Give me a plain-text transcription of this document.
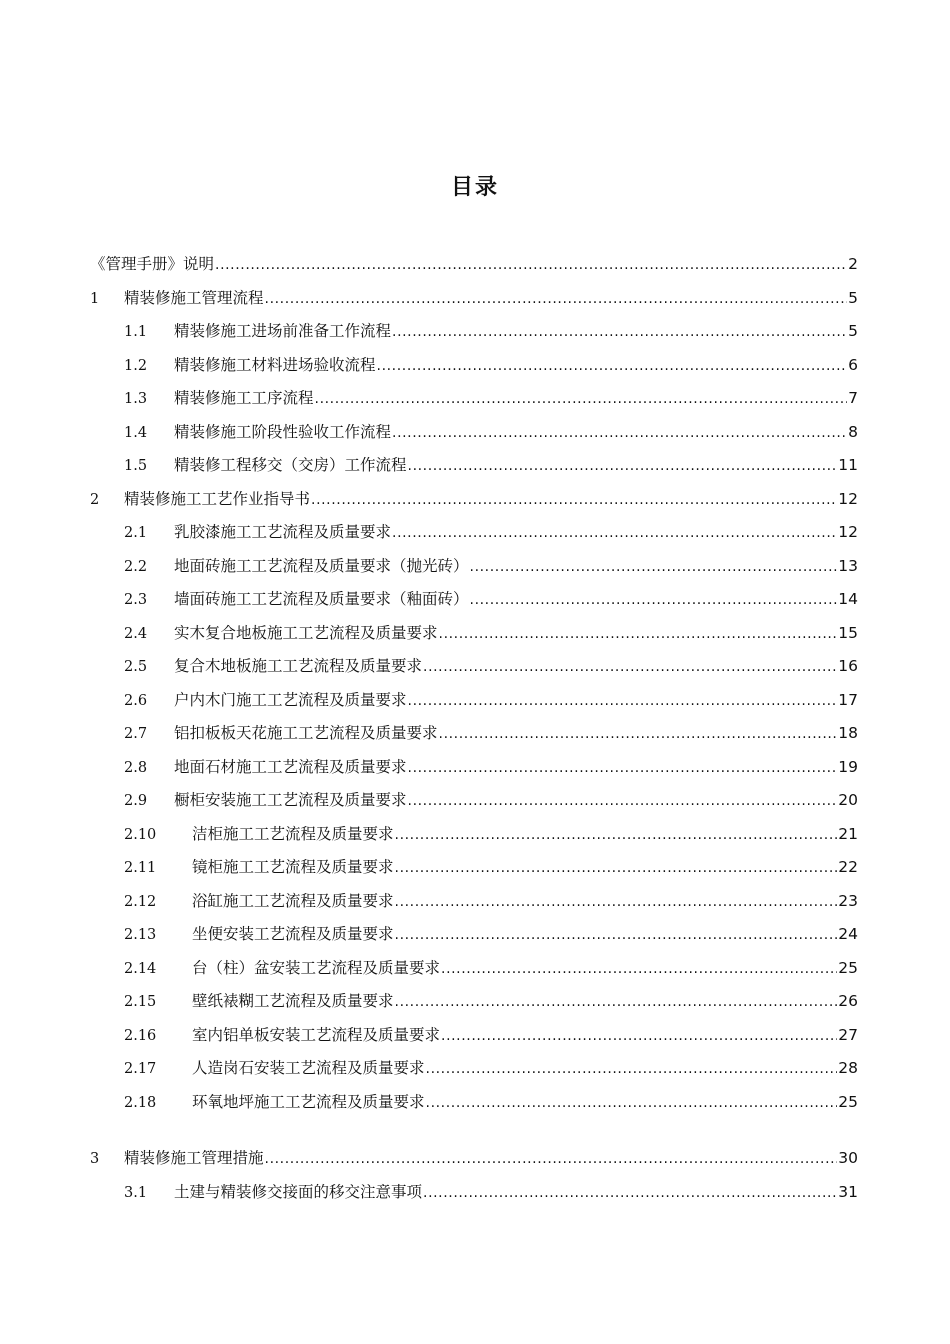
目录
《管理手册》说明 .....	2
1	精装修施工管理流程 .....	5
1.1	精装修施工进场前准备工作流程 .....	5
1.2	精装修施工材料进场验收流程 .....	6
1.3	精装修施工工序流程 .....	7
1.4	精装修施工阶段性验收工作流程 .....	8
1.5	精装修工程移交（交房）工作流程 .....	11
2	精装修施工工艺作业指导书 .....	12
2.1	乳胶漆施工工艺流程及质量要求 .....	12
2.2	地面砖施工工艺流程及质量要求（抛光砖） .....	13
2.3	墙面砖施工工艺流程及质量要求（釉面砖） .....	14
2.4	实木复合地板施工工艺流程及质量要求 .....	15
2.5	复合木地板施工工艺流程及质量要求 .....	16
2.6	户内木门施工工艺流程及质量要求 .....	17
2.7	铝扣板板天花施工工艺流程及质量要求 .....	18
2.8	地面石材施工工艺流程及质量要求 .....	19
2.9	橱柜安装施工工艺流程及质量要求 .....	20
2.10	洁柜施工工艺流程及质量要求 .....	21
2.11	镜柜施工工艺流程及质量要求 .....	22
2.12	浴缸施工工艺流程及质量要求 .....	23
2.13	坐便安装工艺流程及质量要求 .....	24
2.14	台（柱）盆安装工艺流程及质量要求 .....	25
2.15	壁纸裱糊工艺流程及质量要求 .....	26
2.16	室内铝单板安装工艺流程及质量要求 .....	27
2.17	人造岗石安装工艺流程及质量要求 .....	28
2.18	环氧地坪施工工艺流程及质量要求 .....	25
3	精装修施工管理措施 .....	30
3.1	土建与精装修交接面的移交注意事项 .....	31
